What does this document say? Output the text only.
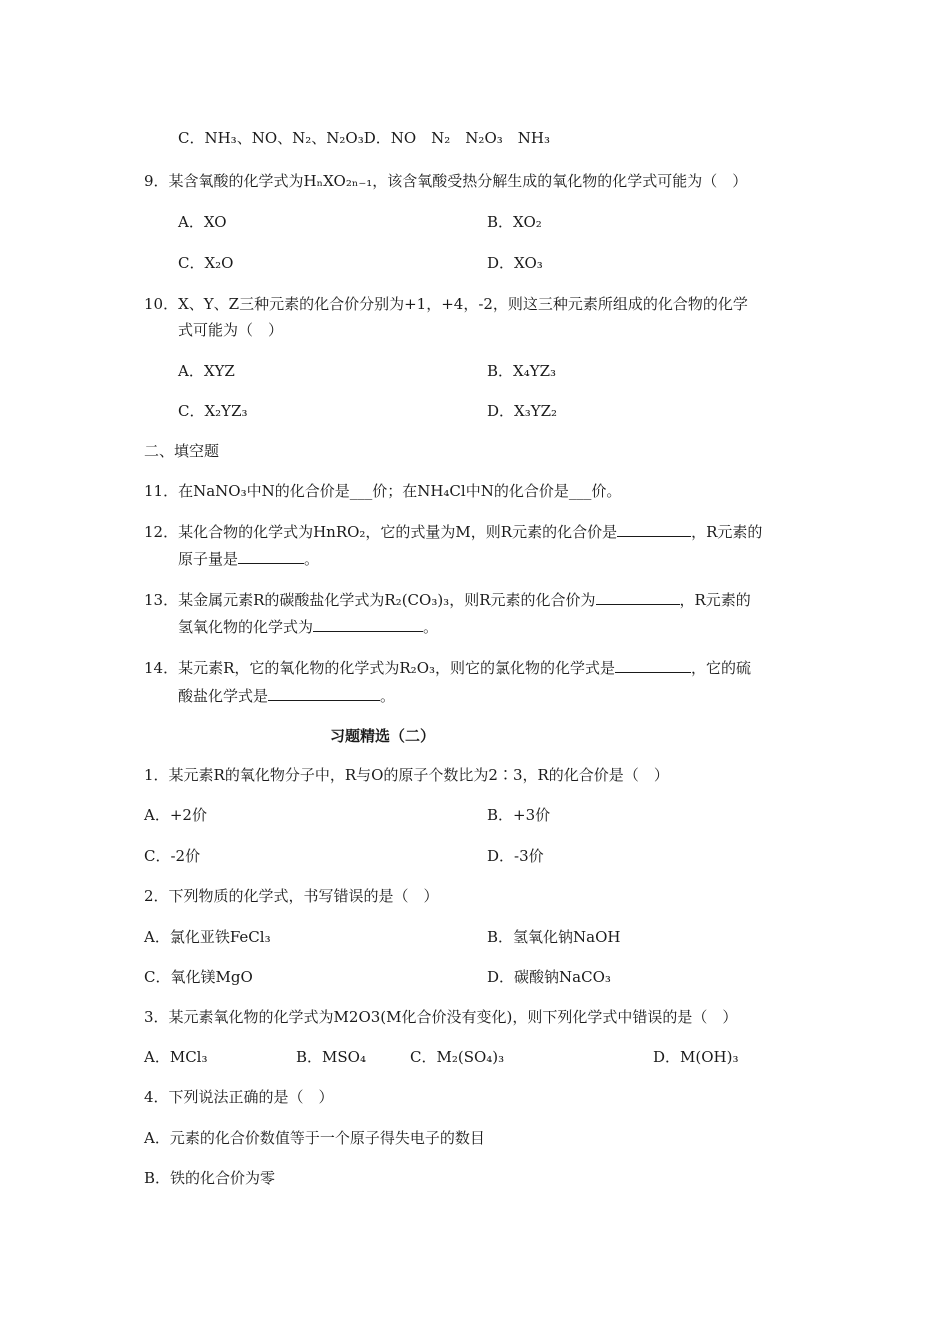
C．NH₃、NO、N₂、N₂O₃D．NO　N₂　N₂O₃　NH₃
9．某含氧酸的化学式为HₙXO₂ₙ₋₁，该含氧酸受热分解生成的氧化物的化学式可能为（　）
A．XO	B．XO₂
C．X₂O	D．XO₃
10．X、Y、Z三种元素的化合价分别为+1，+4，-2，则这三种元素所组成的化合物的化学
式可能为（　）
A．XYZ	B．X₄YZ₃
C．X₂YZ₃	D．X₃YZ₂
二、填空题
11．在NaNO₃中N的化合价是___价；在NH₄Cl中N的化合价是___价。
12．某化合物的化学式为HnRO₂，它的式量为M，则R元素的化合价是	，R元素的
原子量是	。
13．某金属元素R的碳酸盐化学式为R₂(CO₃)₃，则R元素的化合价为	，R元素的
氢氧化物的化学式为	。
14．某元素R，它的氧化物的化学式为R₂O₃，则它的氯化物的化学式是	，它的硫
酸盐化学式是	。
习题精选（二）
1．某元素R的氧化物分子中，R与O的原子个数比为2∶3，R的化合价是（　）
A．+2价	B．+3价
C．-2价	D．-3价
2．下列物质的化学式，书写错误的是（　）
A．氯化亚铁FeCl₃	B．氢氧化钠NaOH
C．氧化镁MgO	D．碳酸钠NaCO₃
3．某元素氧化物的化学式为M2O3(M化合价没有变化)，则下列化学式中错误的是（　）
A．MCl₃	B．MSO₄	C．M₂(SO₄)₃	D．M(OH)₃
4．下列说法正确的是（　）
A．元素的化合价数值等于一个原子得失电子的数目
B．铁的化合价为零
